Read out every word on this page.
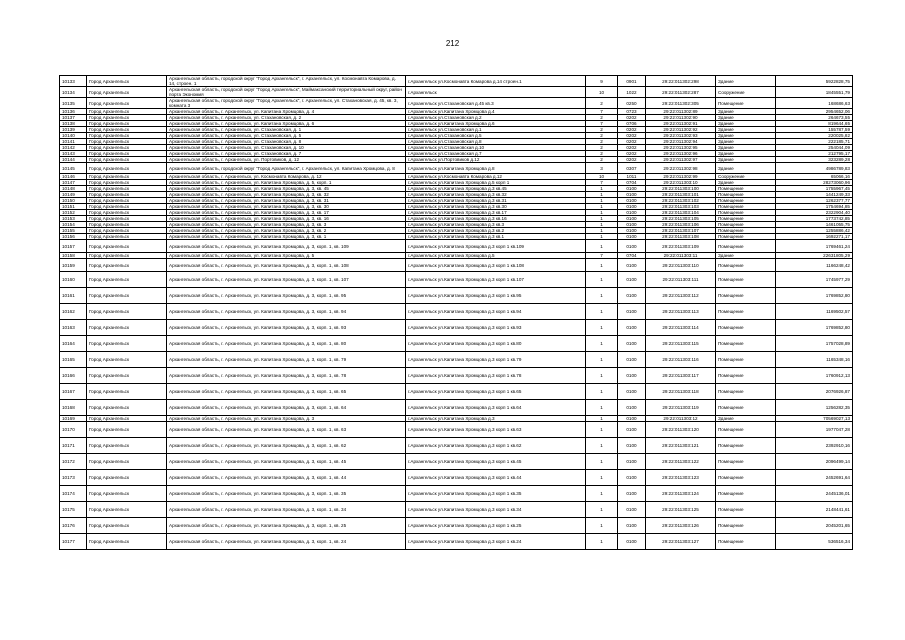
212
10133	Город Архангельск	Архангельская область, городской округ "Город Архангельск", г. Архангельск, ул. Космонавта Комарова, д. 14, строен. 1	г.Архангельск ул.Космонавта Комарова д.14 строен.1	9	0901	29:22:011302:298	Здание	5922828,75
10134	Город Архангельск	Архангельская область, городской округ "Город Архангельск", Маймаксанский территориальный округ, район порта Экономия	г.Архангельск	10	1022	29:22:011302:287	Сооружение	1845551,79
10135	Город Архангельск	Архангельская область, городской округ "Город Архангельск", г. Архангельск, ул. Стахановская, д. 45, кв. 3, комната 3	г.Архангельск ул.Стахановская д.45 кв.3	2	0250	29:22:011302:305	Помещение	168686,63
10136	Город Архангельск	Архангельская область, г. Архангельск, ул. Капитана Хромцова, д. 4	г.Архангельск ул.Капитана Хромцова д.4	7	0723	29:22:011302:89	Здание	2954652,06
10137	Город Архангельск	Архангельская область, г. Архангельск, ул. Стахановская, д. 2	г.Архангельск ул.Стахановская д.2	2	0202	29:22:011302:90	Здание	264673,55
10138	Город Архангельск	Архангельская область, г. Архангельск, ул. Капитана Хромцова, д. 6	г.Архангельск ул.Капитана Хромцова д.6	7	0706	29:22:011302:91	Здание	819644,65
10139	Город Архангельск	Архангельская область, г. Архангельск, ул. Стахановская, д. 1	г.Архангельск ул.Стахановская д.1	2	0202	29:22:011302:92	Здание	155787,59
10140	Город Архангельск	Архангельская область, г. Архангельск, ул. Стахановская, д. 5	г.Архангельск ул.Стахановская д.5	2	0202	29:22:011302:93	Здание	220025,82
10141	Город Архангельск	Архангельская область, г. Архангельск, ул. Стахановская, д. 8	г.Архангельск ул.Стахановская д.8	2	0202	29:22:011302:94	Здание	222185,71
10142	Город Архангельск	Архангельская область, г. Архангельск, ул. Стахановская, д. 10	г.Архангельск ул.Стахановская д.10	2	0202	29:22:011302:95	Здание	254044,09
10143	Город Архангельск	Архангельская область, г. Архангельск, ул. Стахановская, д. 7	г.Архангельск ул.Стахановская д.7	2	0202	29:22:011302:96	Здание	212795,17
10144	Город Архангельск	Архангельская область, г. Архангельск, ул. Портовиков, д. 12	г.Архангельск ул.Портовиков д.12	2	0202	29:22:011302:97	Здание	323289,28
10145	Город Архангельск	Архангельская область, городской округ "Город Архангельск", г. Архангельск, ул. Капитана Хромцова, д. 8	г.Архангельск ул.Капитана Хромцова д.8	3	0307	29:22:011302:98	Здание	4986789,83
10146	Город Архангельск	Архангельская область, г. Архангельск, ул. Космонавта Комарова, д. 12	г.Архангельск ул.Космонавта Комарова д.12	10	1011	29:22:011302:99	Сооружение	65066,16
10147	Город Архангельск	Архангельская область, г. Архангельск, ул. Капитана Хромцова, д. 5, корп. 1	г.Архангельск ул.Капитана Хромцова д.5 корп 1	7	0704	29:22:011303:10	Здание	28273060,96
10148	Город Архангельск	Архангельская область, г. Архангельск, ул. Капитана Хромцова, д. 3, кв. 45	г.Архангельск ул.Капитана Хромцова д.3 кв.45	1	0100	29:22:011303:100	Помещение	1755967,45
10149	Город Архангельск	Архангельская область, г. Архангельск, ул. Капитана Хромцова, д. 3, кв. 32	г.Архангельск ул.Капитана Хромцова д.3 кв.32	1	0100	29:22:011303:101	Помещение	1441249,33
10150	Город Архангельск	Архангельская область, г. Архангельск, ул. Капитана Хромцова, д. 3, кв. 31	г.Архангельск ул.Капитана Хромцова д.3 кв.31	1	0100	29:22:011303:102	Помещение	1262377,77
10151	Город Архангельск	Архангельская область, г. Архангельск, ул. Капитана Хромцова, д. 3, кв. 30	г.Архангельск ул.Капитана Хромцова д.3 кв.30	1	0100	29:22:011303:103	Помещение	1754694,85
10152	Город Архангельск	Архангельская область, г. Архангельск, ул. Капитана Хромцова, д. 3, кв. 17	г.Архангельск ул.Капитана Хромцова д.3 кв.17	1	0100	29:22:011303:104	Помещение	2322904,40
10153	Город Архангельск	Архангельская область, г. Архангельск, ул. Капитана Хромцова, д. 3, кв. 16	г.Архангельск ул.Капитана Хромцова д.3 кв.16	1	0100	29:22:011303:105	Помещение	1773742,85
10154	Город Архангельск	Архангельская область, г. Архангельск, ул. Капитана Хромцова, д. 3, кв. 3	г.Архангельск ул.Капитана Хромцова д.3 кв.3	1	0100	29:22:011303:106	Помещение	1461055,75
10155	Город Архангельск	Архангельская область, г. Архангельск, ул. Капитана Хромцова, д. 3, кв. 2	г.Архангельск ул.Капитана Хромцова д.3 кв.2	1	0100	29:22:011303:107	Помещение	1255886,42
10156	Город Архангельск	Архангельская область, г. Архангельск, ул. Капитана Хромцова, д. 3, кв. 1	г.Архангельск ул.Капитана Хромцова д.3 кв.1	1	0100	29:22:011303:108	Помещение	1692271,17
10157	Город Архангельск	Архангельская область, г. Архангельск, ул. Капитана Хромцова, д. 3, корп. 1, кв. 109	г.Архангельск ул.Капитана Хромцова д.3 корп 1 кв.109	1	0100	29:22:011303:109	Помещение	1769461,24
10158	Город Архангельск	Архангельская область, г. Архангельск, ул. Капитана Хромцова, д. 5	г.Архангельск ул.Капитана Хромцова д.5	7	0704	29:22:011303:11	Здание	22631805,29
10159	Город Архангельск	Архангельская область, г. Архангельск, ул. Капитана Хромцова, д. 3, корп. 1, кв. 108	г.Архангельск ул.Капитана Хромцова д.3 корп 1 кв.108	1	0100	29:22:011303:110	Помещение	1166248,42
10160	Город Архангельск	Архангельская область, г. Архангельск, ул. Капитана Хромцова, д. 3, корп. 1, кв. 107	г.Архангельск ул.Капитана Хромцова д.3 корп 1 кв.107	1	0100	29:22:011303:111	Помещение	1745977,29
10161	Город Архангельск	Архангельская область, г. Архангельск, ул. Капитана Хромцова, д. 3, корп. 1, кв. 95	г.Архангельск ул.Капитана Хромцова д.3 корп 1 кв.95	1	0100	29:22:011303:112	Помещение	1769852,80
10162	Город Архангельск	Архангельская область, г. Архангельск, ул. Капитана Хромцова, д. 3, корп. 1, кв. 94	г.Архангельск ул.Капитана Хромцова д.3 корп 1 кв.94	1	0100	29:22:011303:113	Помещение	1169502,57
10163	Город Архангельск	Архангельская область, г. Архангельск, ул. Капитана Хромцова, д. 3, корп. 1, кв. 93	г.Архангельск ул.Капитана Хромцова д.3 корп 1 кв.93	1	0100	29:22:011303:114	Помещение	1769852,80
10164	Город Архангельск	Архангельская область, г. Архангельск, ул. Капитана Хромцова, д. 3, корп. 1, кв. 80	г.Архангельск ул.Капитана Хромцова д.3 корп 1 кв.80	1	0100	29:22:011303:115	Помещение	1757028,89
10165	Город Архангельск	Архангельская область, г. Архангельск, ул. Капитана Хромцова, д. 3, корп. 1, кв. 79	г.Архангельск ул.Капитана Хромцова д.3 корп 1 кв.79	1	0100	29:22:011303:116	Помещение	1165348,16
10166	Город Архангельск	Архангельская область, г. Архангельск, ул. Капитана Хромцова, д. 3, корп. 1, кв. 78	г.Архангельск ул.Капитана Хромцова д.3 корп 1 кв.78	1	0100	29:22:011303:117	Помещение	1760912,13
10167	Город Архангельск	Архангельская область, г. Архангельск, ул. Капитана Хромцова, д. 3, корп. 1, кв. 65	г.Архангельск ул.Капитана Хромцова д.3 корп 1 кв.65	1	0100	29:22:011303:118	Помещение	2076926,87
10168	Город Архангельск	Архангельская область, г. Архангельск, ул. Капитана Хромцова, д. 3, корп. 1, кв. 64	г.Архангельск ул.Капитана Хромцова д.3 корп 1 кв.64	1	0100	29:22:011303:119	Помещение	1256282,35
10169	Город Архангельск	Архангельская область, г. Архангельск, ул. Капитана Хромцова, д. 3	г.Архангельск ул.Капитана Хромцова д.3	1	0100	29:22:011303:12	Здание	70569027,13
10170	Город Архангельск	Архангельская область, г. Архангельск, ул. Капитана Хромцова, д. 3, корп. 1, кв. 63	г.Архангельск ул.Капитана Хромцова д.3 корп 1 кв.63	1	0100	29:22:011303:120	Помещение	1977047,28
10171	Город Архангельск	Архангельская область, г. Архангельск, ул. Капитана Хромцова, д. 3, корп. 1, кв. 62	г.Архангельск ул.Капитана Хромцова д.3 корп 1 кв.62	1	0100	29:22:011303:121	Помещение	2392910,16
10172	Город Архангельск	Архангельская область, г. Архангельск, ул. Капитана Хромцова, д. 3, корп. 1, кв. 45	г.Архангельск ул.Капитана Хромцова д.3 корп 1 кв.45	1	0100	29:22:011303:122	Помещение	2096499,14
10173	Город Архангельск	Архангельская область, г. Архангельск, ул. Капитана Хромцова, д. 3, корп. 1, кв. 44	г.Архангельск ул.Капитана Хромцова д.3 корп 1 кв.44	1	0100	29:22:011303:123	Помещение	2452691,64
10174	Город Архангельск	Архангельская область, г. Архангельск, ул. Капитана Хромцова, д. 3, корп. 1, кв. 35	г.Архангельск ул.Капитана Хромцова д.3 корп 1 кв.35	1	0100	29:22:011303:124	Помещение	2445136,01
10175	Город Архангельск	Архангельская область, г. Архангельск, ул. Капитана Хромцова, д. 3, корп. 1, кв. 34	г.Архангельск ул.Капитана Хромцова д.3 корп 1 кв.34	1	0100	29:22:011303:125	Помещение	2148441,61
10176	Город Архангельск	Архангельская область, г. Архангельск, ул. Капитана Хромцова, д. 3, корп. 1, кв. 25	г.Архангельск ул.Капитана Хромцова д.3 корп 1 кв.25	1	0100	29:22:011303:126	Помещение	2045201,65
10177	Город Архангельск	Архангельская область, г. Архангельск, ул. Капитана Хромцова, д. 3, корп. 1, кв. 24	г.Архангельск ул.Капитана Хромцова д.3 корп 1 кв.24	1	0100	29:22:011303:127	Помещение	536516,34
